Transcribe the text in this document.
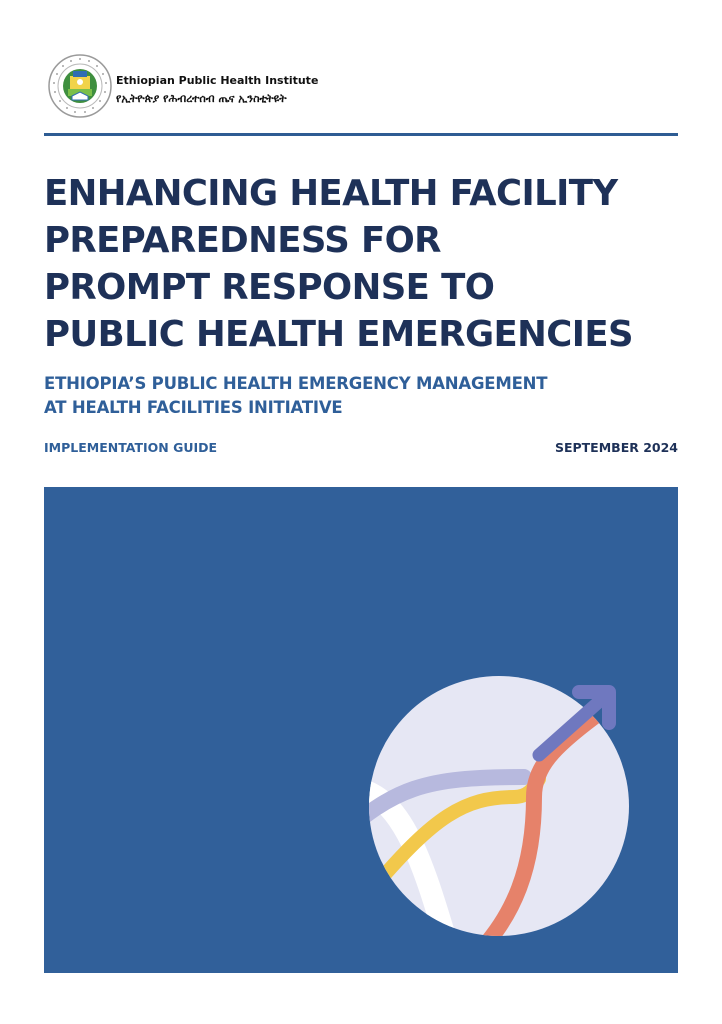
Ethiopian Public Health Institute
የኢትዮጵያ የሕብረተሰብ ጤና ኢንስቲትዩት
ENHANCING HEALTH FACILITY
PREPAREDNESS FOR
PROMPT RESPONSE TO
PUBLIC HEALTH EMERGENCIES
ETHIOPIA’S PUBLIC HEALTH EMERGENCY MANAGEMENT
AT HEALTH FACILITIES INITIATIVE
IMPLEMENTATION GUIDE	SEPTEMBER 2024
